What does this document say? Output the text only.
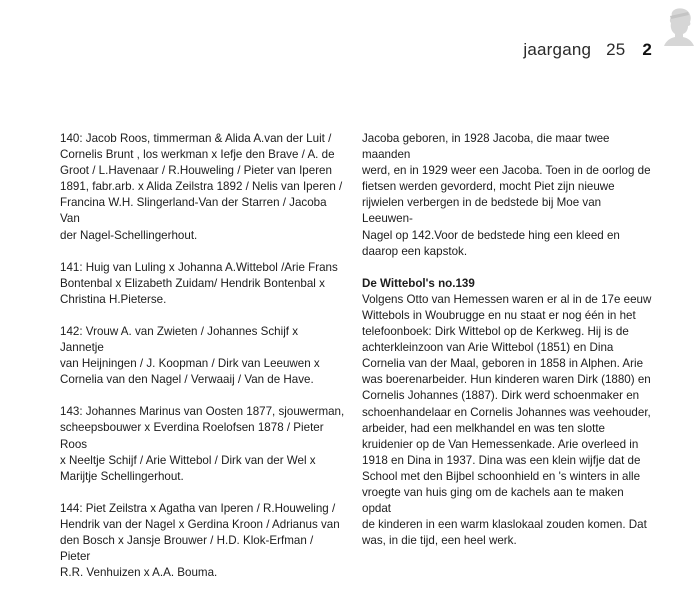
jaargang 25 2

140: Jacob Roos, timmerman & Alida A.van der Luit /
Cornelis Brunt , los werkman x Iefje den Brave / A. de
Groot / L.Havenaar / R.Houweling / Pieter van Iperen
1891, fabr.arb. x Alida Zeilstra 1892 / Nelis van Iperen /
Francina W.H. Slingerland-Van der Starren / Jacoba Van
der Nagel-Schellingerhout.

141: Huig van Luling x Johanna A.Wittebol /Arie Frans
Bontenbal x Elizabeth Zuidam/ Hendrik Bontenbal x
Christina H.Pieterse.

142: Vrouw A. van Zwieten / Johannes Schijf x Jannetje
van Heijningen / J. Koopman / Dirk van Leeuwen x
Cornelia van den Nagel / Verwaaij / Van de Have.

143: Johannes Marinus van Oosten 1877, sjouwerman,
scheepsbouwer x Everdina Roelofsen 1878 / Pieter Roos
x Neeltje Schijf / Arie Wittebol / Dirk van der Wel x
Marijtje Schellingerhout.

144: Piet Zeilstra x Agatha van Iperen / R.Houweling /
Hendrik van der Nagel x Gerdina Kroon / Adrianus van
den Bosch x Jansje Brouwer / H.D. Klok-Erfman / Pieter
R.R. Venhuizen x A.A. Bouma.

Jacoba geboren, in 1928 Jacoba, die maar twee maanden
werd, en in 1929 weer een Jacoba. Toen in de oorlog de
fietsen werden gevorderd, mocht Piet zijn nieuwe
rijwielen verbergen in de bedstede bij Moe van Leeuwen-
Nagel op 142.Voor de bedstede hing een kleed en
daarop een kapstok.

De Wittebol's no.139

Volgens Otto van Hemessen waren er al in de 17e eeuw
Wittebols in Woubrugge en nu staat er nog één in het
telefoonboek: Dirk Wittebol op de Kerkweg. Hij is de
achterkleinzoon van Arie Wittebol (1851) en Dina
Cornelia van der Maal, geboren in 1858 in Alphen. Arie
was boerenarbeider. Hun kinderen waren Dirk (1880) en
Cornelis Johannes (1887). Dirk werd schoenmaker en
schoenhandelaar en Cornelis Johannes was veehouder,
arbeider, had een melkhandel en was ten slotte
kruidenier op de Van Hemessenkade. Arie overleed in
1918 en Dina in 1937. Dina was een klein wijfje dat de
School met den Bijbel schoonhield en 's winters in alle
vroegte van huis ging om de kachels aan te maken opdat
de kinderen in een warm klaslokaal zouden komen. Dat
was, in die tijd, een heel werk.
